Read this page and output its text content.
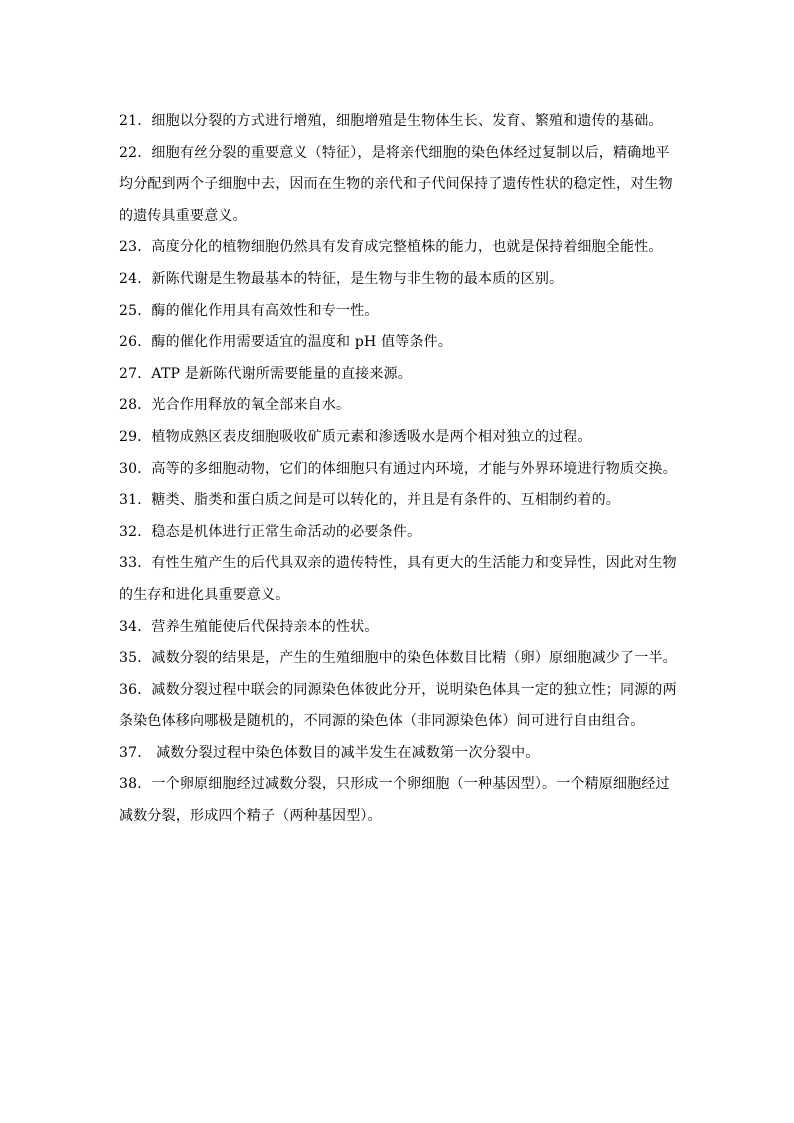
21．细胞以分裂的方式进行增殖，细胞增殖是生物体生长、发育、繁殖和遗传的基础。

22．细胞有丝分裂的重要意义（特征），是将亲代细胞的染色体经过复制以后，精确地平均分配到两个子细胞中去，因而在生物的亲代和子代间保持了遗传性状的稳定性，对生物的遗传具重要意义。

23．高度分化的植物细胞仍然具有发育成完整植株的能力，也就是保持着细胞全能性。

24．新陈代谢是生物最基本的特征，是生物与非生物的最本质的区别。

25．酶的催化作用具有高效性和专一性。

26．酶的催化作用需要适宜的温度和 pH 值等条件。

27．ATP 是新陈代谢所需要能量的直接来源。

28．光合作用释放的氧全部来自水。

29．植物成熟区表皮细胞吸收矿质元素和渗透吸水是两个相对独立的过程。

30．高等的多细胞动物，它们的体细胞只有通过内环境，才能与外界环境进行物质交换。

31．糖类、脂类和蛋白质之间是可以转化的，并且是有条件的、互相制约着的。

32．稳态是机体进行正常生命活动的必要条件。

33．有性生殖产生的后代具双亲的遗传特性，具有更大的生活能力和变异性，因此对生物的生存和进化具重要意义。

34．营养生殖能使后代保持亲本的性状。

35．减数分裂的结果是，产生的生殖细胞中的染色体数目比精（卵）原细胞减少了一半。

36．减数分裂过程中联会的同源染色体彼此分开，说明染色体具一定的独立性；同源的两条染色体移向哪极是随机的，不同源的染色体（非同源染色体）间可进行自由组合。

37． 减数分裂过程中染色体数目的减半发生在减数第一次分裂中。

38．一个卵原细胞经过减数分裂，只形成一个卵细胞（一种基因型）。一个精原细胞经过减数分裂，形成四个精子（两种基因型）。
